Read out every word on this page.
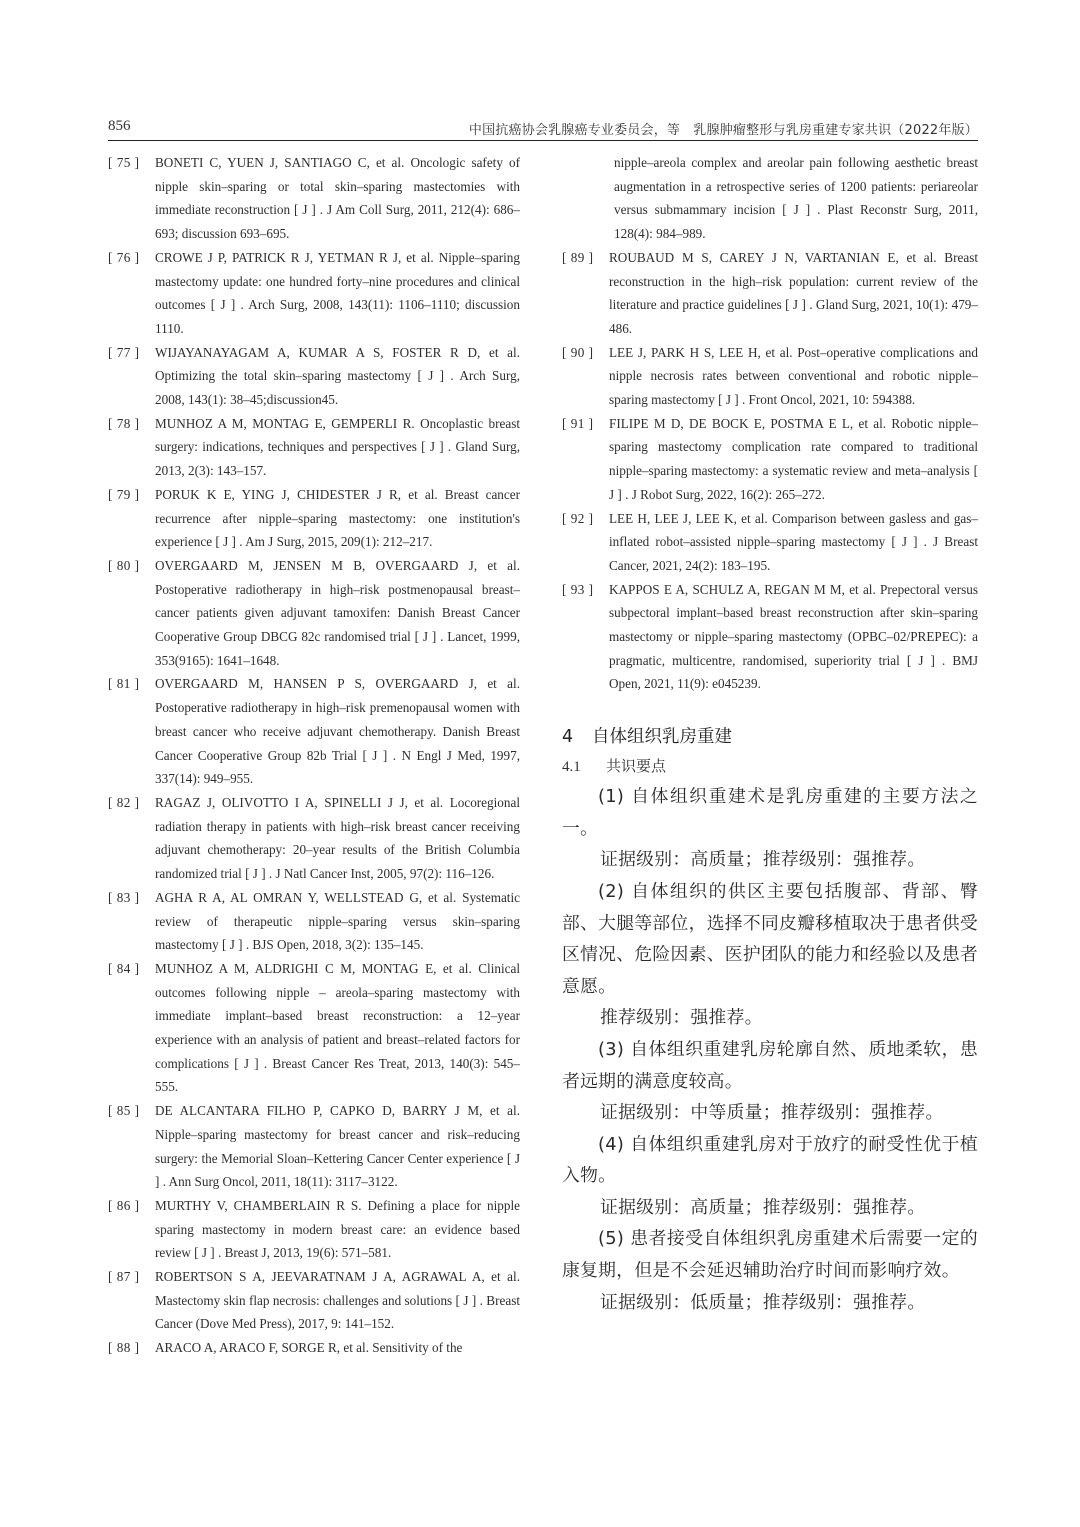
856	中国抗癌协会乳腺癌专业委员会，等　乳腺肿瘤整形与乳房重建专家共识（2022年版）
[ 75 ] BONETI C, YUEN J, SANTIAGO C, et al. Oncologic safety of nipple skin–sparing or total skin–sparing mastectomies with immediate reconstruction [ J ] . J Am Coll Surg, 2011, 212(4): 686–693; discussion 693–695.
[ 76 ] CROWE J P, PATRICK R J, YETMAN R J, et al. Nipple–sparing mastectomy update: one hundred forty–nine procedures and clinical outcomes [ J ] . Arch Surg, 2008, 143(11): 1106–1110; discussion 1110.
[ 77 ] WIJAYANAYAGAM A, KUMAR A S, FOSTER R D, et al. Optimizing the total skin–sparing mastectomy [ J ] . Arch Surg, 2008, 143(1): 38–45;discussion45.
[ 78 ] MUNHOZ A M, MONTAG E, GEMPERLI R. Oncoplastic breast surgery: indications, techniques and perspectives [ J ] . Gland Surg, 2013, 2(3): 143–157.
[ 79 ] PORUK K E, YING J, CHIDESTER J R, et al. Breast cancer recurrence after nipple–sparing mastectomy: one institution's experience [ J ] . Am J Surg, 2015, 209(1): 212–217.
[ 80 ] OVERGAARD M, JENSEN M B, OVERGAARD J, et al. Postoperative radiotherapy in high–risk postmenopausal breast–cancer patients given adjuvant tamoxifen: Danish Breast Cancer Cooperative Group DBCG 82c randomised trial [ J ] . Lancet, 1999, 353(9165): 1641–1648.
[ 81 ] OVERGAARD M, HANSEN P S, OVERGAARD J, et al. Postoperative radiotherapy in high–risk premenopausal women with breast cancer who receive adjuvant chemotherapy. Danish Breast Cancer Cooperative Group 82b Trial [ J ] . N Engl J Med, 1997, 337(14): 949–955.
[ 82 ] RAGAZ J, OLIVOTTO I A, SPINELLI J J, et al. Locoregional radiation therapy in patients with high–risk breast cancer receiving adjuvant chemotherapy: 20–year results of the British Columbia randomized trial [ J ] . J Natl Cancer Inst, 2005, 97(2): 116–126.
[ 83 ] AGHA R A, AL OMRAN Y, WELLSTEAD G, et al. Systematic review of therapeutic nipple–sparing versus skin–sparing mastectomy [ J ] . BJS Open, 2018, 3(2): 135–145.
[ 84 ] MUNHOZ A M, ALDRIGHI C M, MONTAG E, et al. Clinical outcomes following nipple – areola–sparing mastectomy with immediate implant–based breast reconstruction: a 12–year experience with an analysis of patient and breast–related factors for complications [ J ] . Breast Cancer Res Treat, 2013, 140(3): 545–555.
[ 85 ] DE ALCANTARA FILHO P, CAPKO D, BARRY J M, et al. Nipple–sparing mastectomy for breast cancer and risk–reducing surgery: the Memorial Sloan–Kettering Cancer Center experience [ J ] . Ann Surg Oncol, 2011, 18(11): 3117–3122.
[ 86 ] MURTHY V, CHAMBERLAIN R S. Defining a place for nipple sparing mastectomy in modern breast care: an evidence based review [ J ] . Breast J, 2013, 19(6): 571–581.
[ 87 ] ROBERTSON S A, JEEVARATNAM J A, AGRAWAL A, et al. Mastectomy skin flap necrosis: challenges and solutions [ J ] . Breast Cancer (Dove Med Press), 2017, 9: 141–152.
[ 88 ] ARACO A, ARACO F, SORGE R, et al. Sensitivity of the
nipple–areola complex and areolar pain following aesthetic breast augmentation in a retrospective series of 1200 patients: periareolar versus submammary incision [ J ] . Plast Reconstr Surg, 2011, 128(4): 984–989.
[ 89 ] ROUBAUD M S, CAREY J N, VARTANIAN E, et al. Breast reconstruction in the high–risk population: current review of the literature and practice guidelines [ J ] . Gland Surg, 2021, 10(1): 479–486.
[ 90 ] LEE J, PARK H S, LEE H, et al. Post–operative complications and nipple necrosis rates between conventional and robotic nipple–sparing mastectomy [ J ] . Front Oncol, 2021, 10: 594388.
[ 91 ] FILIPE M D, DE BOCK E, POSTMA E L, et al. Robotic nipple–sparing mastectomy complication rate compared to traditional nipple–sparing mastectomy: a systematic review and meta–analysis [ J ] . J Robot Surg, 2022, 16(2): 265–272.
[ 92 ] LEE H, LEE J, LEE K, et al. Comparison between gasless and gas–inflated robot–assisted nipple–sparing mastectomy [ J ] . J Breast Cancer, 2021, 24(2): 183–195.
[ 93 ] KAPPOS E A, SCHULZ A, REGAN M M, et al. Prepectoral versus subpectoral implant–based breast reconstruction after skin–sparing mastectomy or nipple–sparing mastectomy (OPBC–02/PREPEC): a pragmatic, multicentre, randomised, superiority trial [ J ] . BMJ Open, 2021, 11(9): e045239.
4 自体组织乳房重建
4.1 共识要点
(1) 自体组织重建术是乳房重建的主要方法之一。
证据级别：高质量；推荐级别：强推荐。
(2) 自体组织的供区主要包括腹部、背部、臀部、大腿等部位，选择不同皮瓣移植取决于患者供受区情况、危险因素、医护团队的能力和经验以及患者意愿。
推荐级别：强推荐。
(3) 自体组织重建乳房轮廓自然、质地柔软，患者远期的满意度较高。
证据级别：中等质量；推荐级别：强推荐。
(4) 自体组织重建乳房对于放疗的耐受性优于植入物。
证据级别：高质量；推荐级别：强推荐。
(5) 患者接受自体组织乳房重建术后需要一定的康复期，但是不会延迟辅助治疗时间而影响疗效。
证据级别：低质量；推荐级别：强推荐。
